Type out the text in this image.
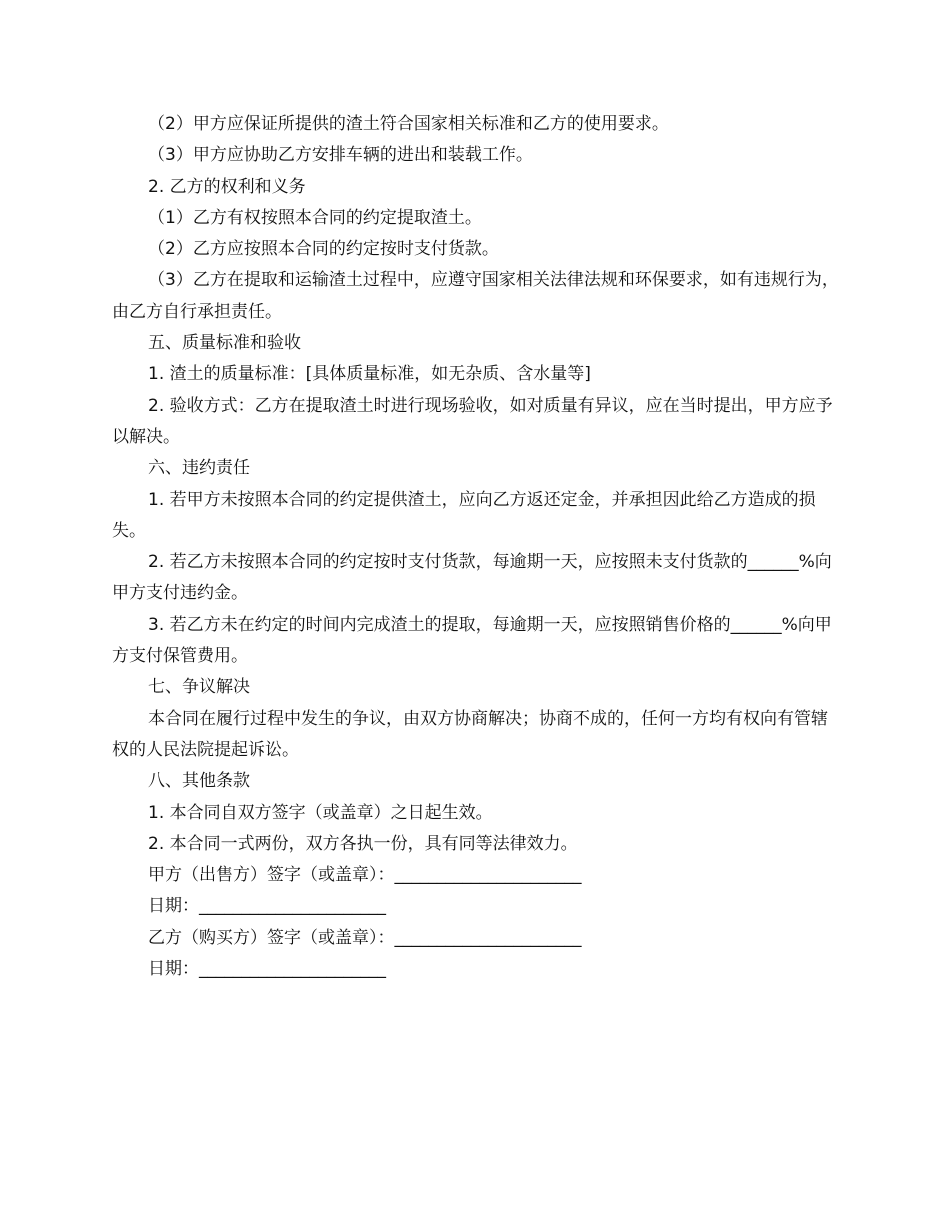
（2）甲方应保证所提供的渣土符合国家相关标准和乙方的使用要求。

（3）甲方应协助乙方安排车辆的进出和装载工作。

2. 乙方的权利和义务

（1）乙方有权按照本合同的约定提取渣土。

（2）乙方应按照本合同的约定按时支付货款。

（3）乙方在提取和运输渣土过程中，应遵守国家相关法律法规和环保要求，如有违规行为，由乙方自行承担责任。

五、质量标准和验收

1. 渣土的质量标准：[具体质量标准，如无杂质、含水量等]

2. 验收方式：乙方在提取渣土时进行现场验收，如对质量有异议，应在当时提出，甲方应予以解决。

六、违约责任

1. 若甲方未按照本合同的约定提供渣土，应向乙方返还定金，并承担因此给乙方造成的损失。

2. 若乙方未按照本合同的约定按时支付货款，每逾期一天，应按照未支付货款的______%向甲方支付违约金。

3. 若乙方未在约定的时间内完成渣土的提取，每逾期一天，应按照销售价格的______%向甲方支付保管费用。

七、争议解决

本合同在履行过程中发生的争议，由双方协商解决；协商不成的，任何一方均有权向有管辖权的人民法院提起诉讼。

八、其他条款

1. 本合同自双方签字（或盖章）之日起生效。

2. 本合同一式两份，双方各执一份，具有同等法律效力。

甲方（出售方）签字（或盖章）：______________________

日期：______________________

乙方（购买方）签字（或盖章）：______________________

日期：______________________
